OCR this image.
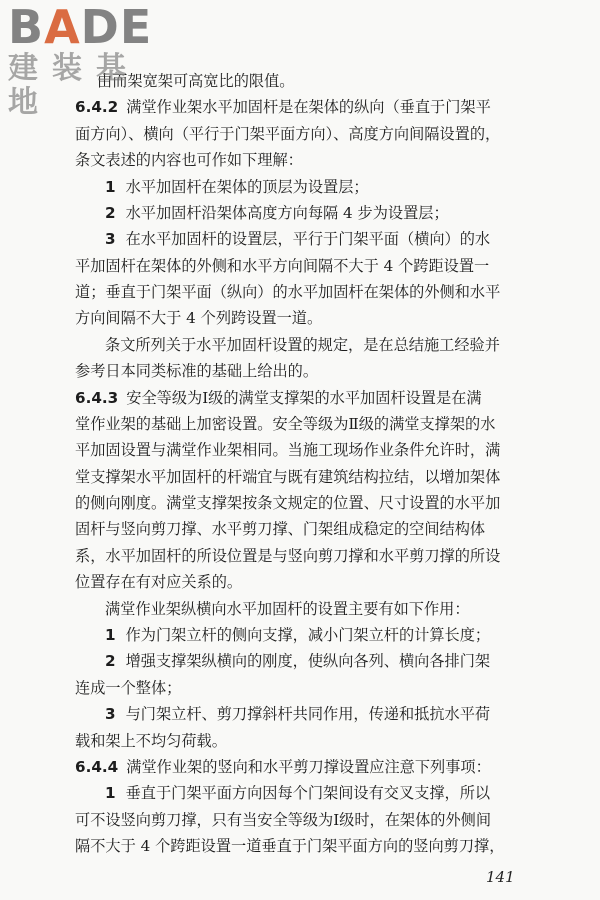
BADE
建装基地
由而架宽架可高宽比的限值。
6.4.2 满堂作业架水平加固杆是在架体的纵向（垂直于门架平
面方向）、横向（平行于门架平面方向）、高度方向间隔设置的，
条文表述的内容也可作如下理解：
1 水平加固杆在架体的顶层为设置层；
2 水平加固杆沿架体高度方向每隔 4 步为设置层；
3 在水平加固杆的设置层，平行于门架平面（横向）的水
平加固杆在架体的外侧和水平方向间隔不大于 4 个跨距设置一
道；垂直于门架平面（纵向）的水平加固杆在架体的外侧和水平
方向间隔不大于 4 个列跨设置一道。
条文所列关于水平加固杆设置的规定，是在总结施工经验并
参考日本同类标准的基础上给出的。
6.4.3 安全等级为Ⅰ级的满堂支撑架的水平加固杆设置是在满
堂作业架的基础上加密设置。安全等级为Ⅱ级的满堂支撑架的水
平加固设置与满堂作业架相同。当施工现场作业条件允许时，满
堂支撑架水平加固杆的杆端宜与既有建筑结构拉结，以增加架体
的侧向刚度。满堂支撑架按条文规定的位置、尺寸设置的水平加
固杆与竖向剪刀撑、水平剪刀撑、门架组成稳定的空间结构体
系，水平加固杆的所设位置是与竖向剪刀撑和水平剪刀撑的所设
位置存在有对应关系的。
满堂作业架纵横向水平加固杆的设置主要有如下作用：
1 作为门架立杆的侧向支撑，减小门架立杆的计算长度；
2 增强支撑架纵横向的刚度，使纵向各列、横向各排门架
连成一个整体；
3 与门架立杆、剪刀撑斜杆共同作用，传递和抵抗水平荷
载和架上不均匀荷载。
6.4.4 满堂作业架的竖向和水平剪刀撑设置应注意下列事项：
1 垂直于门架平面方向因每个门架间设有交叉支撑，所以
可不设竖向剪刀撑，只有当安全等级为Ⅰ级时，在架体的外侧间
隔不大于 4 个跨距设置一道垂直于门架平面方向的竖向剪刀撑，
141
